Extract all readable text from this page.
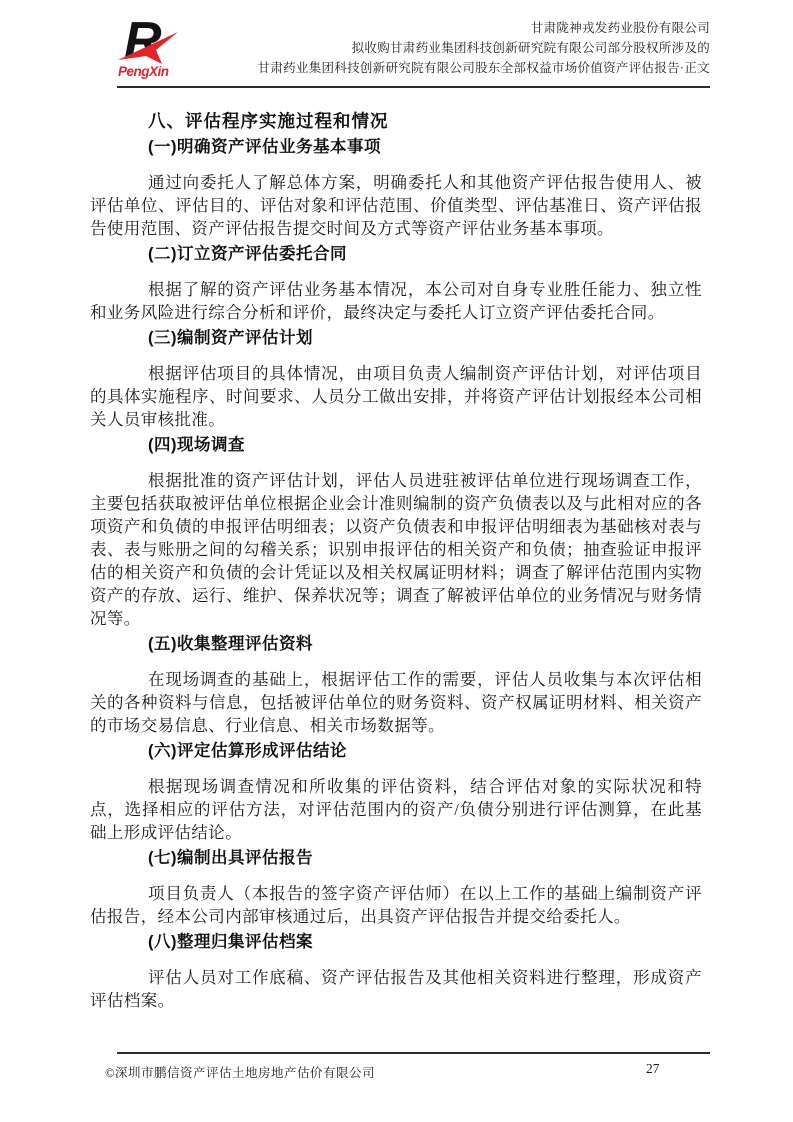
R
PengXin
甘肃陇神戎发药业股份有限公司
拟收购甘肃药业集团科技创新研究院有限公司部分股权所涉及的
甘肃药业集团科技创新研究院有限公司股东全部权益市场价值资产评估报告·正文
八、评估程序实施过程和情况
(一)明确资产评估业务基本事项

通过向委托人了解总体方案，明确委托人和其他资产评估报告使用人、被评估单位、评估目的、评估对象和评估范围、价值类型、评估基准日、资产评估报告使用范围、资产评估报告提交时间及方式等资产评估业务基本事项。

(二)订立资产评估委托合同

根据了解的资产评估业务基本情况，本公司对自身专业胜任能力、独立性和业务风险进行综合分析和评价，最终决定与委托人订立资产评估委托合同。

(三)编制资产评估计划

根据评估项目的具体情况，由项目负责人编制资产评估计划，对评估项目的具体实施程序、时间要求、人员分工做出安排，并将资产评估计划报经本公司相关人员审核批准。

(四)现场调查

根据批准的资产评估计划，评估人员进驻被评估单位进行现场调查工作，主要包括获取被评估单位根据企业会计准则编制的资产负债表以及与此相对应的各项资产和负债的申报评估明细表；以资产负债表和申报评估明细表为基础核对表与表、表与账册之间的勾稽关系；识别申报评估的相关资产和负债；抽查验证申报评估的相关资产和负债的会计凭证以及相关权属证明材料；调查了解评估范围内实物资产的存放、运行、维护、保养状况等；调查了解被评估单位的业务情况与财务情况等。

(五)收集整理评估资料

在现场调查的基础上，根据评估工作的需要，评估人员收集与本次评估相关的各种资料与信息，包括被评估单位的财务资料、资产权属证明材料、相关资产的市场交易信息、行业信息、相关市场数据等。

(六)评定估算形成评估结论

根据现场调查情况和所收集的评估资料，结合评估对象的实际状况和特点，选择相应的评估方法，对评估范围内的资产/负债分别进行评估测算，在此基础上形成评估结论。

(七)编制出具评估报告

项目负责人（本报告的签字资产评估师）在以上工作的基础上编制资产评估报告，经本公司内部审核通过后，出具资产评估报告并提交给委托人。

(八)整理归集评估档案

评估人员对工作底稿、资产评估报告及其他相关资料进行整理，形成资产评估档案。

©深圳市鹏信资产评估土地房地产估价有限公司	27
